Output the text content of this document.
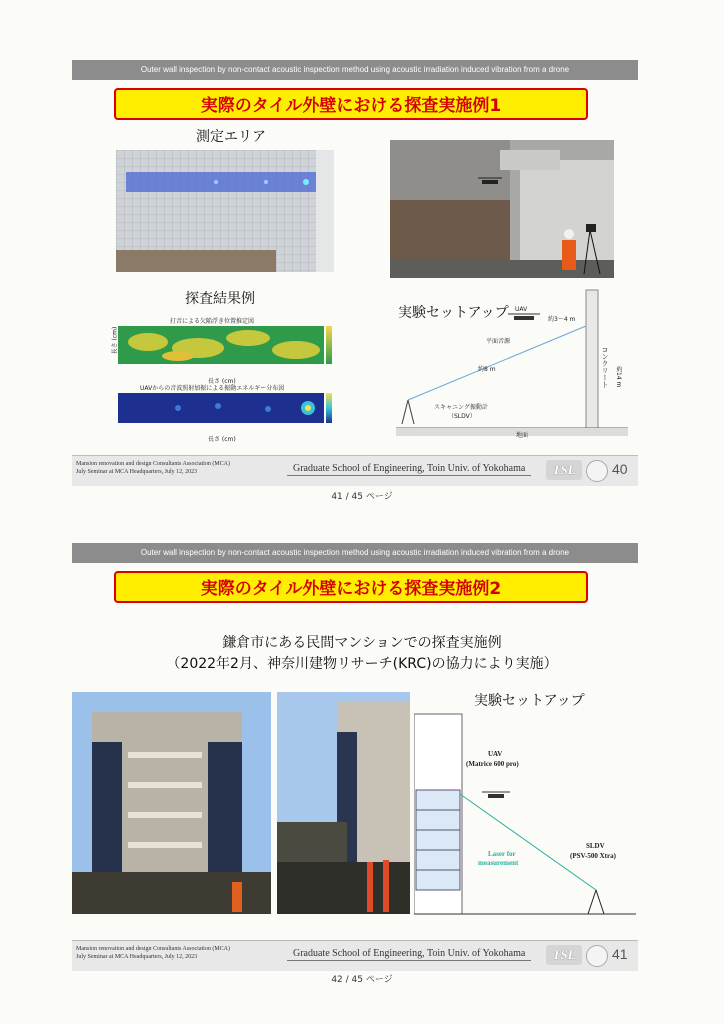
Outer wall inspection by non-contact acoustic inspection method using acoustic irradiation induced vibration from a drone
実際のタイル外壁における探査実施例1
測定エリア
探査結果例
実験セットアップ
打音による欠陥浮き位置推定図
長さ (cm)
長さ (cm)
UAVからの音波照射加振による振動エネルギー分布図
長さ (cm)
UAV
約3～4 m
平面音源
コンクリート 約14 m
約8 m
スキャニング振動計
（SLDV）
地面
Mansion renovation and design Consultants Association (MCA)
July Seminar at MCA Headquarters, July 12, 2023	Graduate School of Engineering, Toin Univ. of Yokohama	TSL	40
41 / 45 ページ
Outer wall inspection by non-contact acoustic inspection method using acoustic irradiation induced vibration from a drone
実際のタイル外壁における探査実施例2
鎌倉市にある民間マンションでの探査実施例
（2022年2月、神奈川建物リサーチ(KRC)の協力により実施）
実験セットアップ
UAV
(Matrice 600 pro)
Laser for
measurement
SLDV
(PSV-500 Xtra)
Mansion renovation and design Consultants Association (MCA)
July Seminar at MCA Headquarters, July 12, 2023	Graduate School of Engineering, Toin Univ. of Yokohama	TSL	41
42 / 45 ページ
